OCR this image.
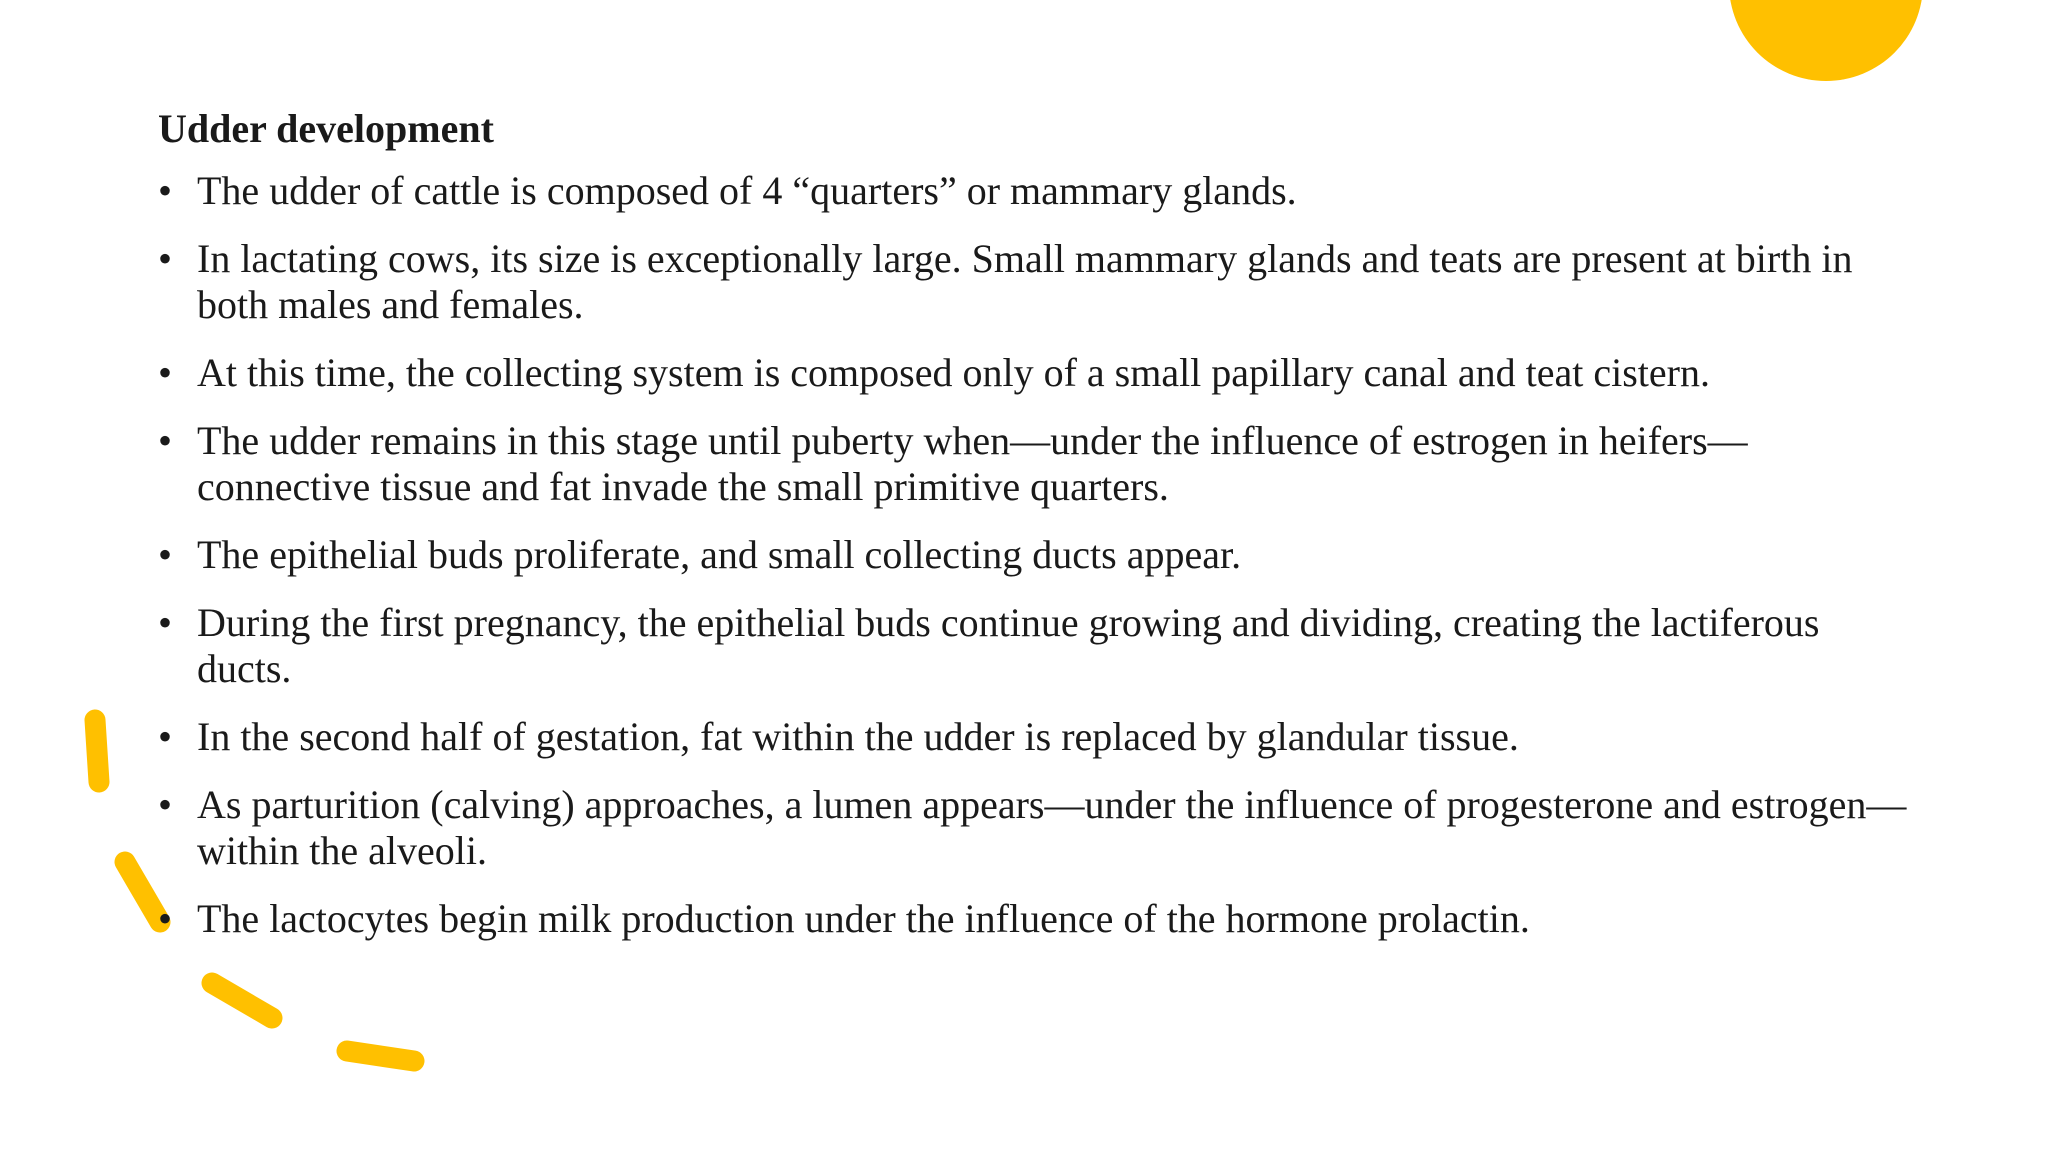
Udder development
• The udder of cattle is composed of 4 “quarters” or mammary glands.
• In lactating cows, its size is exceptionally large. Small mammary glands and teats are present at birth in both males and females.
• At this time, the collecting system is composed only of a small papillary canal and teat cistern.
• The udder remains in this stage until puberty when—under the influence of estrogen in heifers—connective tissue and fat invade the small primitive quarters.
• The epithelial buds proliferate, and small collecting ducts appear.
• During the first pregnancy, the epithelial buds continue growing and dividing, creating the lactiferous ducts.
• In the second half of gestation, fat within the udder is replaced by glandular tissue.
• As parturition (calving) approaches, a lumen appears—under the influence of progesterone and estrogen—within the alveoli.
• The lactocytes begin milk production under the influence of the hormone prolactin.
